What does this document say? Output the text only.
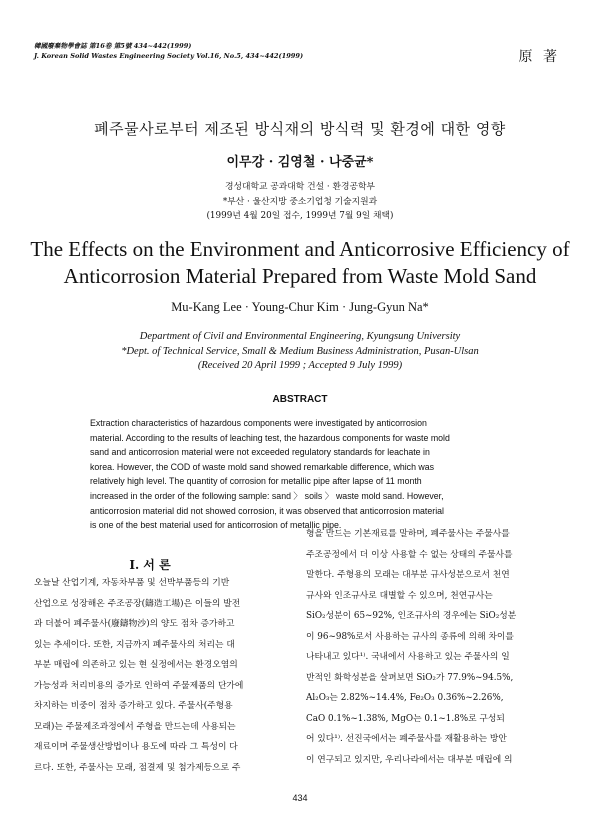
韓國廢棄物學會誌 第16卷 第5號 434~442(1999)
J. Korean Solid Wastes Engineering Society Vol.16, No.5, 434~442(1999)	原 著
폐주물사로부터 제조된 방식재의 방식력 및 환경에 대한 영향
이무강 · 김영철 · 나중균*
경성대학교 공과대학 건설 · 환경공학부
*부산 · 울산지방 중소기업청 기술지원과
(1999년 4월 20일 접수, 1999년 7월 9일 채택)
The Effects on the Environment and Anticorrosive Efficiency of
Anticorrosion Material Prepared from Waste Mold Sand
Mu-Kang Lee · Young-Chur Kim · Jung-Gyun Na*
Department of Civil and Environmental Engineering, Kyungsung University
*Dept. of Technical Service, Small & Medium Business Administration, Pusan-Ulsan
(Received 20 April 1999 ; Accepted 9 July 1999)
ABSTRACT
Extraction characteristics of hazardous components were investigated by anticorrosion
material. According to the results of leaching test, the hazardous components for waste mold
sand and anticorrosion material were not exceeded regulatory standards for leachate in
korea. However, the COD of waste mold sand showed remarkable difference, which was
relatively high level. The quantity of corrosion for metallic pipe after lapse of 11 month
increased in the order of the following sample: sand 〉 soils 〉 waste mold sand. However,
anticorrosion material did not showed corrosion, it was observed that anticorrosion material
is one of the best material used for anticorrosion of metallic pipe.
I. 서 론
오늘날 산업기계, 자동차부품 및 선박부품등의 기반
산업으로 성장해온 주조공장(鑄造工場)은 이들의 발전
과 더불어 폐주물사(廢鑄物沙)의 양도 점차 증가하고
있는 추세이다. 또한, 지금까지 폐주물사의 처리는 대
부분 매립에 의존하고 있는 현 실정에서는 환경오염의
가능성과 처리비용의 증가로 인하여 주물제품의 단가에
차지하는 비중이 점차 증가하고 있다. 주물사(주형용
모래)는 주물제조과정에서 주형을 만드는데 사용되는
재료이며 주물생산방법이나 용도에 따라 그 특성이 다
르다. 또한, 주물사는 모래, 점결제 및 첨가제등으로 주
형을 만드는 기본재료를 말하며, 폐주물사는 주물사를
주조공정에서 더 이상 사용할 수 없는 상태의 주물사를
말한다. 주형용의 모래는 대부분 규사성분으로서 천연
규사와 인조규사로 대별할 수 있으며, 천연규사는
SiO₂성분이 65~92%, 인조규사의 경우에는 SiO₂성분
이 96~98%로서 사용하는 규사의 종류에 의해 차이를
나타내고 있다¹⁾. 국내에서 사용하고 있는 주물사의 일
반적인 화학성분을 살펴보면 SiO₂가 77.9%~94.5%,
Al₂O₃는 2.82%~14.4%, Fe₂O₃ 0.36%~2.26%,
CaO 0.1%~1.38%, MgO는 0.1~1.8%로 구성되
어 있다¹⁾. 선진국에서는 폐주물사를 재활용하는 방안
이 연구되고 있지만, 우리나라에서는 대부분 매립에 의
434
